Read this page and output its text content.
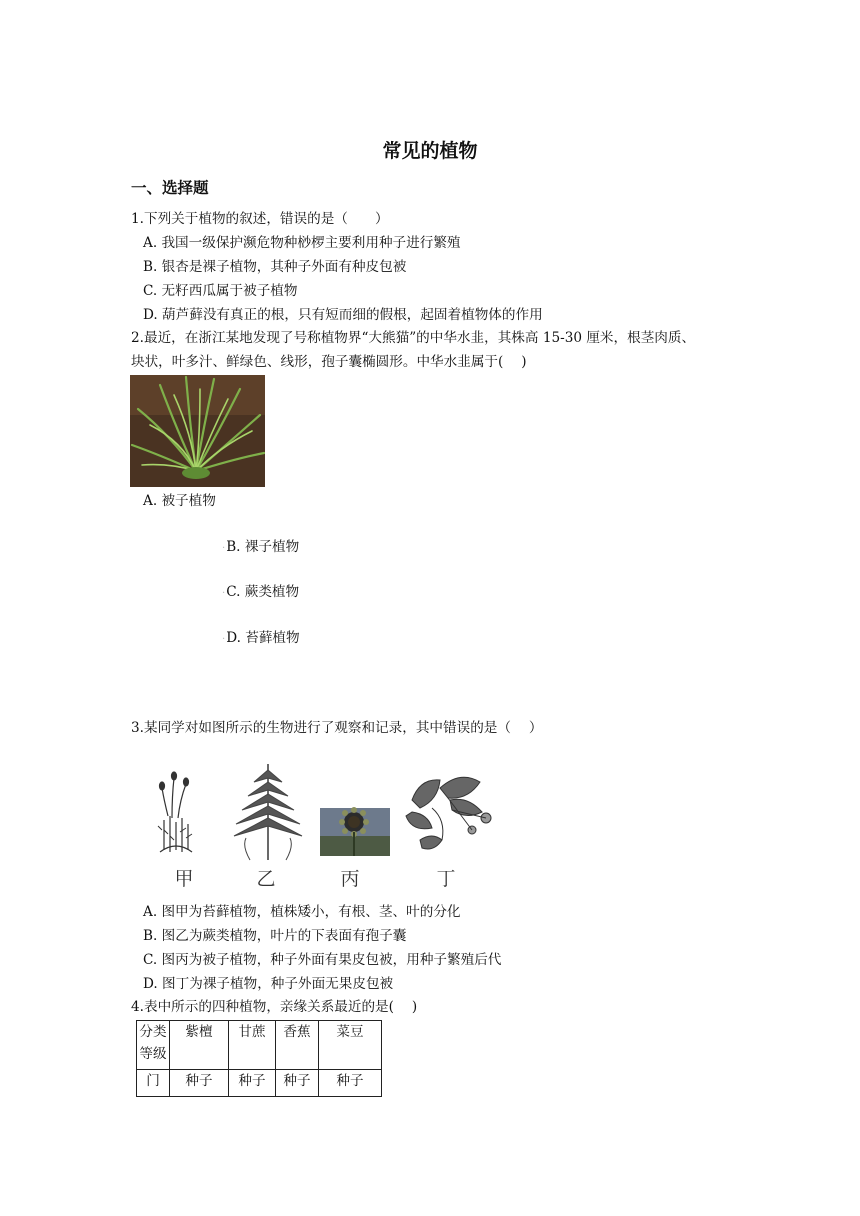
常见的植物
一、选择题
1.下列关于植物的叙述，错误的是（　　）
A. 我国一级保护濒危物种桫椤主要利用种子进行繁殖
B. 银杏是裸子植物，其种子外面有种皮包被
C. 无籽西瓜属于被子植物
D. 葫芦藓没有真正的根，只有短而细的假根，起固着植物体的作用
2.最近，在浙江某地发现了号称植物界“大熊猫”的中华水韭，其株高 15-30 厘米，根茎肉质、
块状，叶多汁、鲜绿色、线形，孢子囊椭圆形。中华水韭属于(　 )
A. 被子植物
· B. 裸子植物
· C. 蕨类植物
· D. 苔藓植物
3.某同学对如图所示的生物进行了观察和记录，其中错误的是（　 ）
甲	乙	丙	丁
A. 图甲为苔藓植物，植株矮小，有根、茎、叶的分化
B. 图乙为蕨类植物，叶片的下表面有孢子囊
C. 图丙为被子植物，种子外面有果皮包被，用种子繁殖后代
D. 图丁为裸子植物，种子外面无果皮包被
4.表中所示的四种植物，亲缘关系最近的是(　 )
分类
等级	紫檀	甘蔗	香蕉	菜豆
门	种子	种子	种子	种子
